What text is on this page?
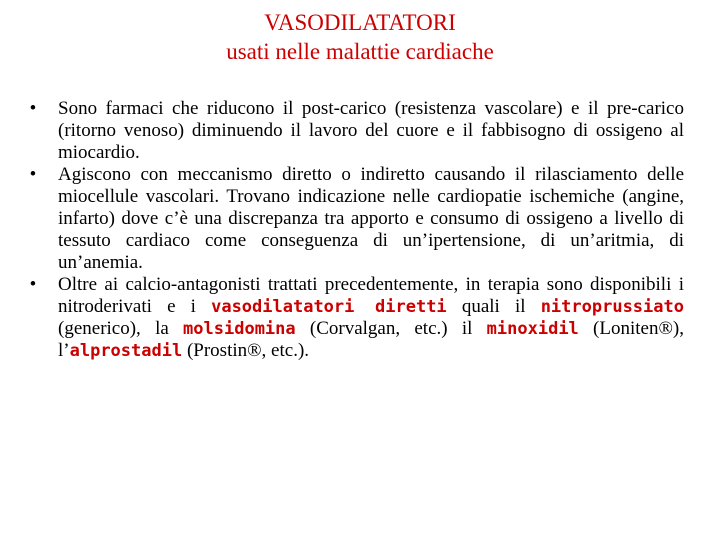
VASODILATATORI
usati nelle malattie cardiache
• Sono farmaci che riducono il post-carico (resistenza vascolare) e il pre-carico (ritorno venoso) diminuendo il lavoro del cuore e il fabbisogno di ossigeno al miocardio.
• Agiscono con meccanismo diretto o indiretto causando il rilasciamento delle miocellule vascolari. Trovano indicazione nelle cardiopatie ischemiche (angine, infarto) dove c’è una discrepanza tra apporto e consumo di ossigeno a livello di tessuto cardiaco come conseguenza di un’ipertensione, di un’aritmia, di un’anemia.
• Oltre ai calcio-antagonisti trattati precedentemente, in terapia sono disponibili i nitroderivati e i vasodilatatori diretti quali il nitroprussiato (generico), la molsidomina (Corvalgan, etc.) il minoxidil (Loniten®), l’alprostadil (Prostin®, etc.).
